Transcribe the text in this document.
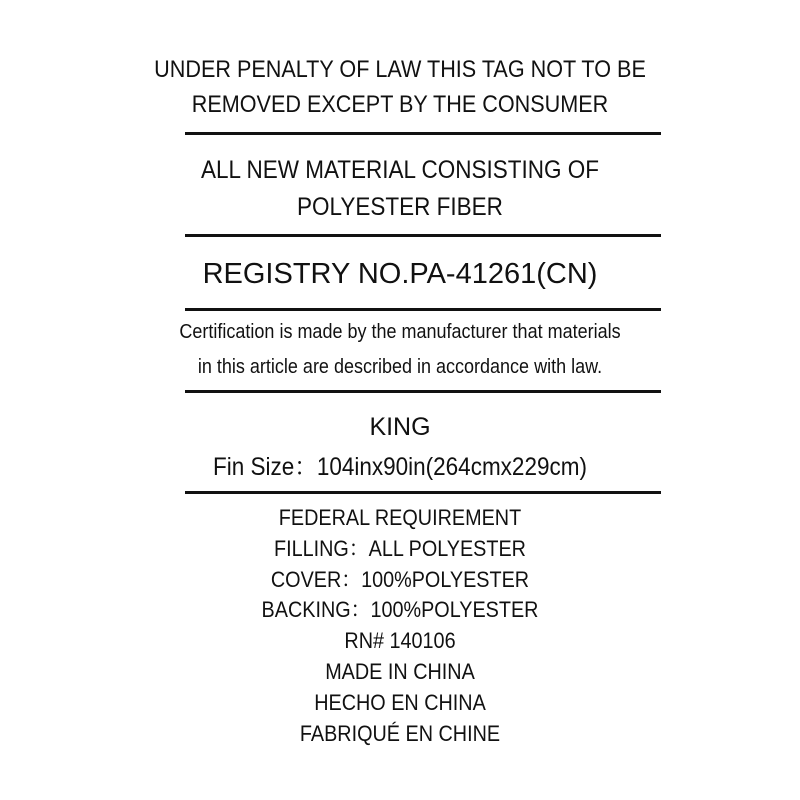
UNDER PENALTY OF LAW THIS TAG NOT TO BE
REMOVED EXCEPT BY THE CONSUMER
ALL NEW MATERIAL CONSISTING OF
POLYESTER FIBER
REGISTRY NO.PA-41261(CN)
Certification is made by the manufacturer that materials
in this article are described in accordance with law.
KING
Fin Size：104inx90in(264cmx229cm)
FEDERAL REQUIREMENT
FILLING：ALL POLYESTER
COVER：100%POLYESTER
BACKING：100%POLYESTER
RN# 140106
MADE IN CHINA
HECHO EN CHINA
FABRIQUÉ EN CHINE
